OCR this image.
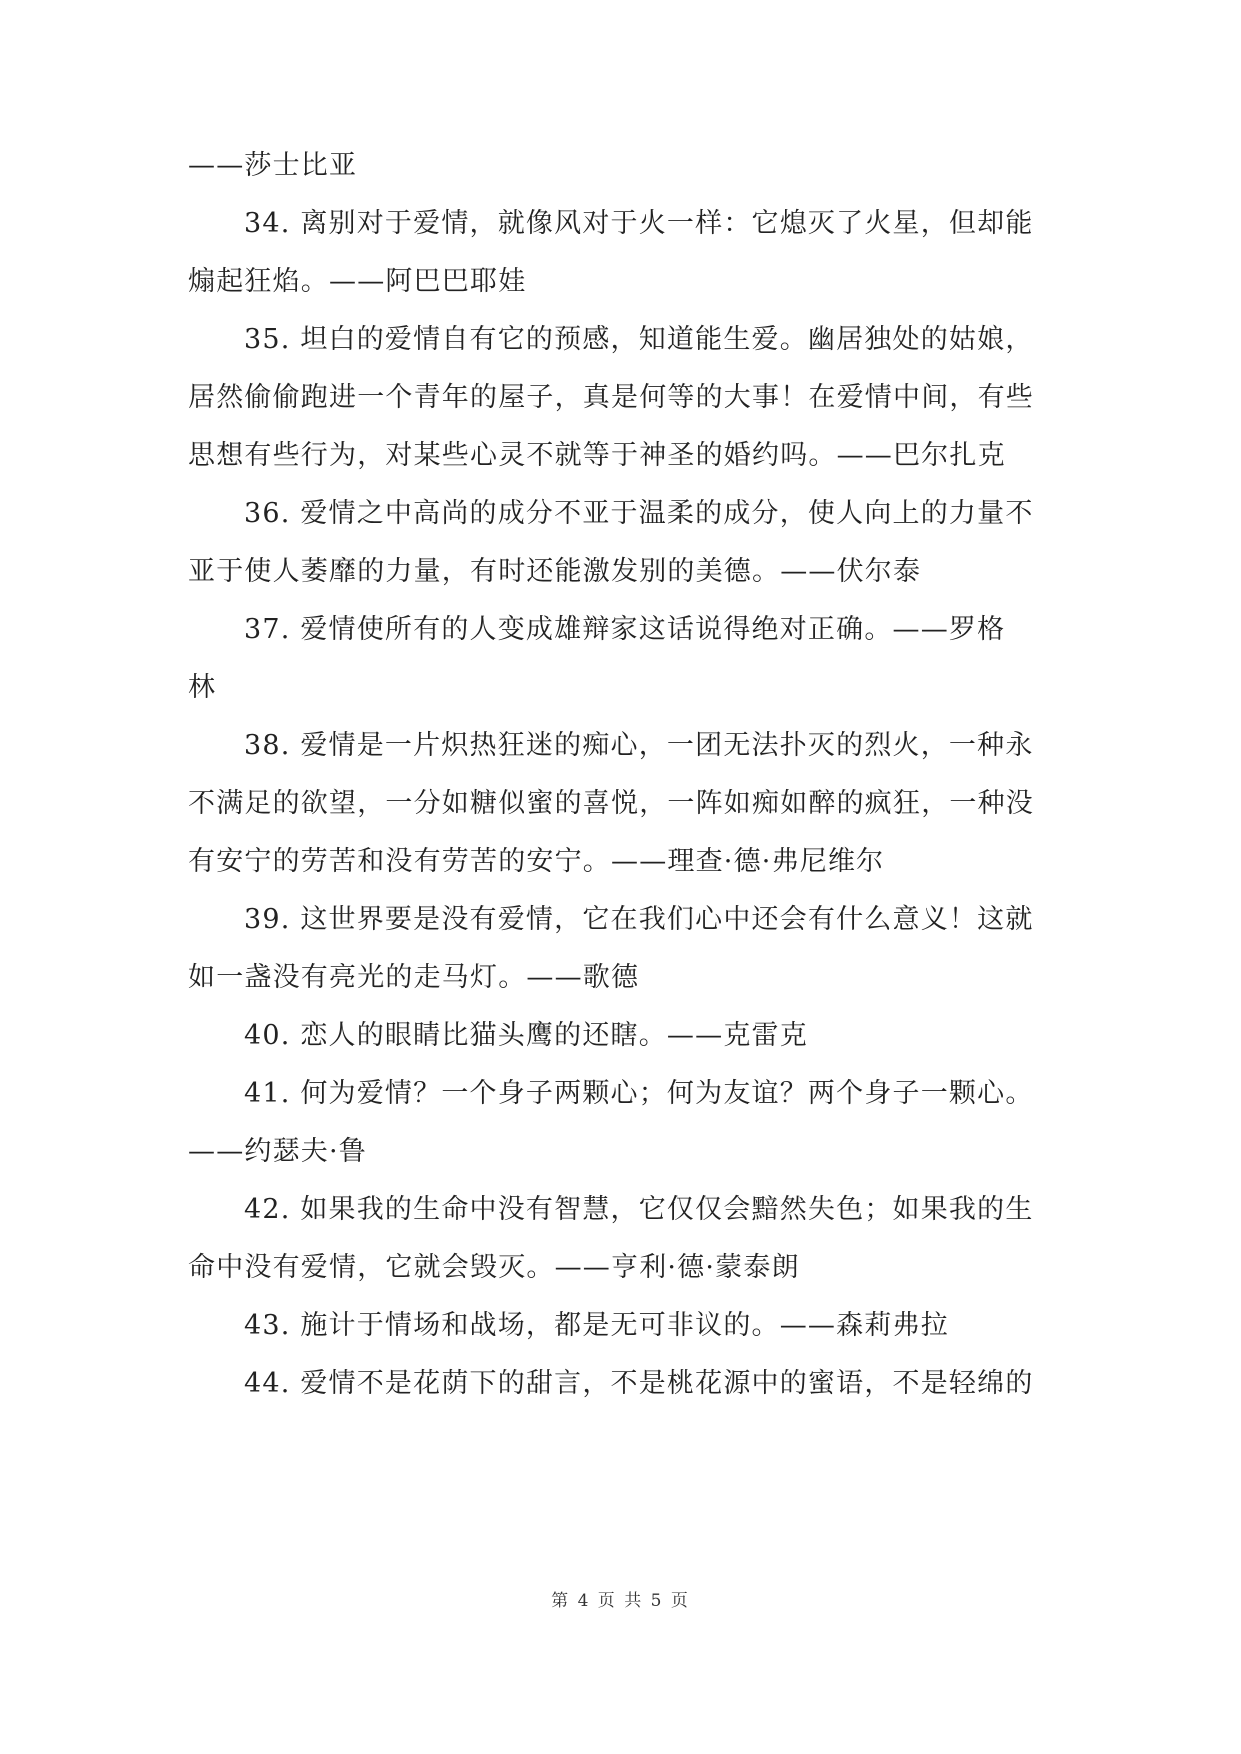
——莎士比亚
34. 离别对于爱情，就像风对于火一样：它熄灭了火星，但却能
煽起狂焰。——阿巴巴耶娃
35. 坦白的爱情自有它的预感，知道能生爱。幽居独处的姑娘，
居然偷偷跑进一个青年的屋子，真是何等的大事！在爱情中间，有些
思想有些行为，对某些心灵不就等于神圣的婚约吗。——巴尔扎克
36. 爱情之中高尚的成分不亚于温柔的成分，使人向上的力量不
亚于使人萎靡的力量，有时还能激发别的美德。——伏尔泰
37. 爱情使所有的人变成雄辩家这话说得绝对正确。——罗格
林
38. 爱情是一片炽热狂迷的痴心，一团无法扑灭的烈火，一种永
不满足的欲望，一分如糖似蜜的喜悦，一阵如痴如醉的疯狂，一种没
有安宁的劳苦和没有劳苦的安宁。——理查·德·弗尼维尔
39. 这世界要是没有爱情，它在我们心中还会有什么意义！这就
如一盏没有亮光的走马灯。——歌德
40. 恋人的眼睛比猫头鹰的还瞎。——克雷克
41. 何为爱情？一个身子两颗心；何为友谊？两个身子一颗心。
——约瑟夫·鲁
42. 如果我的生命中没有智慧，它仅仅会黯然失色；如果我的生
命中没有爱情，它就会毁灭。——亨利·德·蒙泰朗
43. 施计于情场和战场，都是无可非议的。——森莉弗拉
44. 爱情不是花荫下的甜言，不是桃花源中的蜜语，不是轻绵的
第 4 页 共 5 页
